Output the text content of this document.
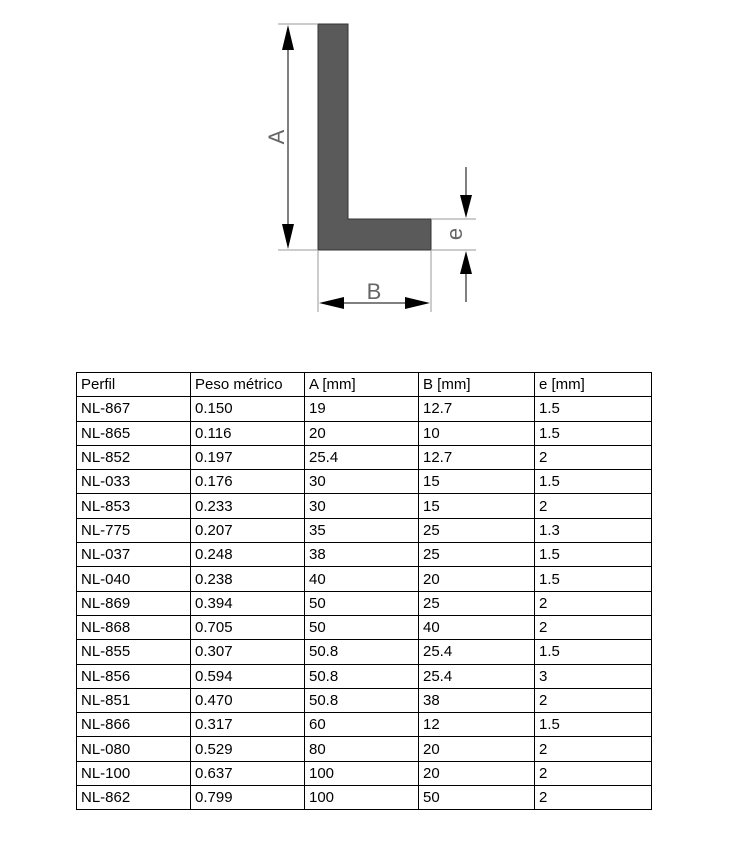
A
B
e
Perfil	Peso métrico	A [mm]	B [mm]	e [mm]
NL-867	0.150	19	12.7	1.5
NL-865	0.116	20	10	1.5
NL-852	0.197	25.4	12.7	2
NL-033	0.176	30	15	1.5
NL-853	0.233	30	15	2
NL-775	0.207	35	25	1.3
NL-037	0.248	38	25	1.5
NL-040	0.238	40	20	1.5
NL-869	0.394	50	25	2
NL-868	0.705	50	40	2
NL-855	0.307	50.8	25.4	1.5
NL-856	0.594	50.8	25.4	3
NL-851	0.470	50.8	38	2
NL-866	0.317	60	12	1.5
NL-080	0.529	80	20	2
NL-100	0.637	100	20	2
NL-862	0.799	100	50	2
